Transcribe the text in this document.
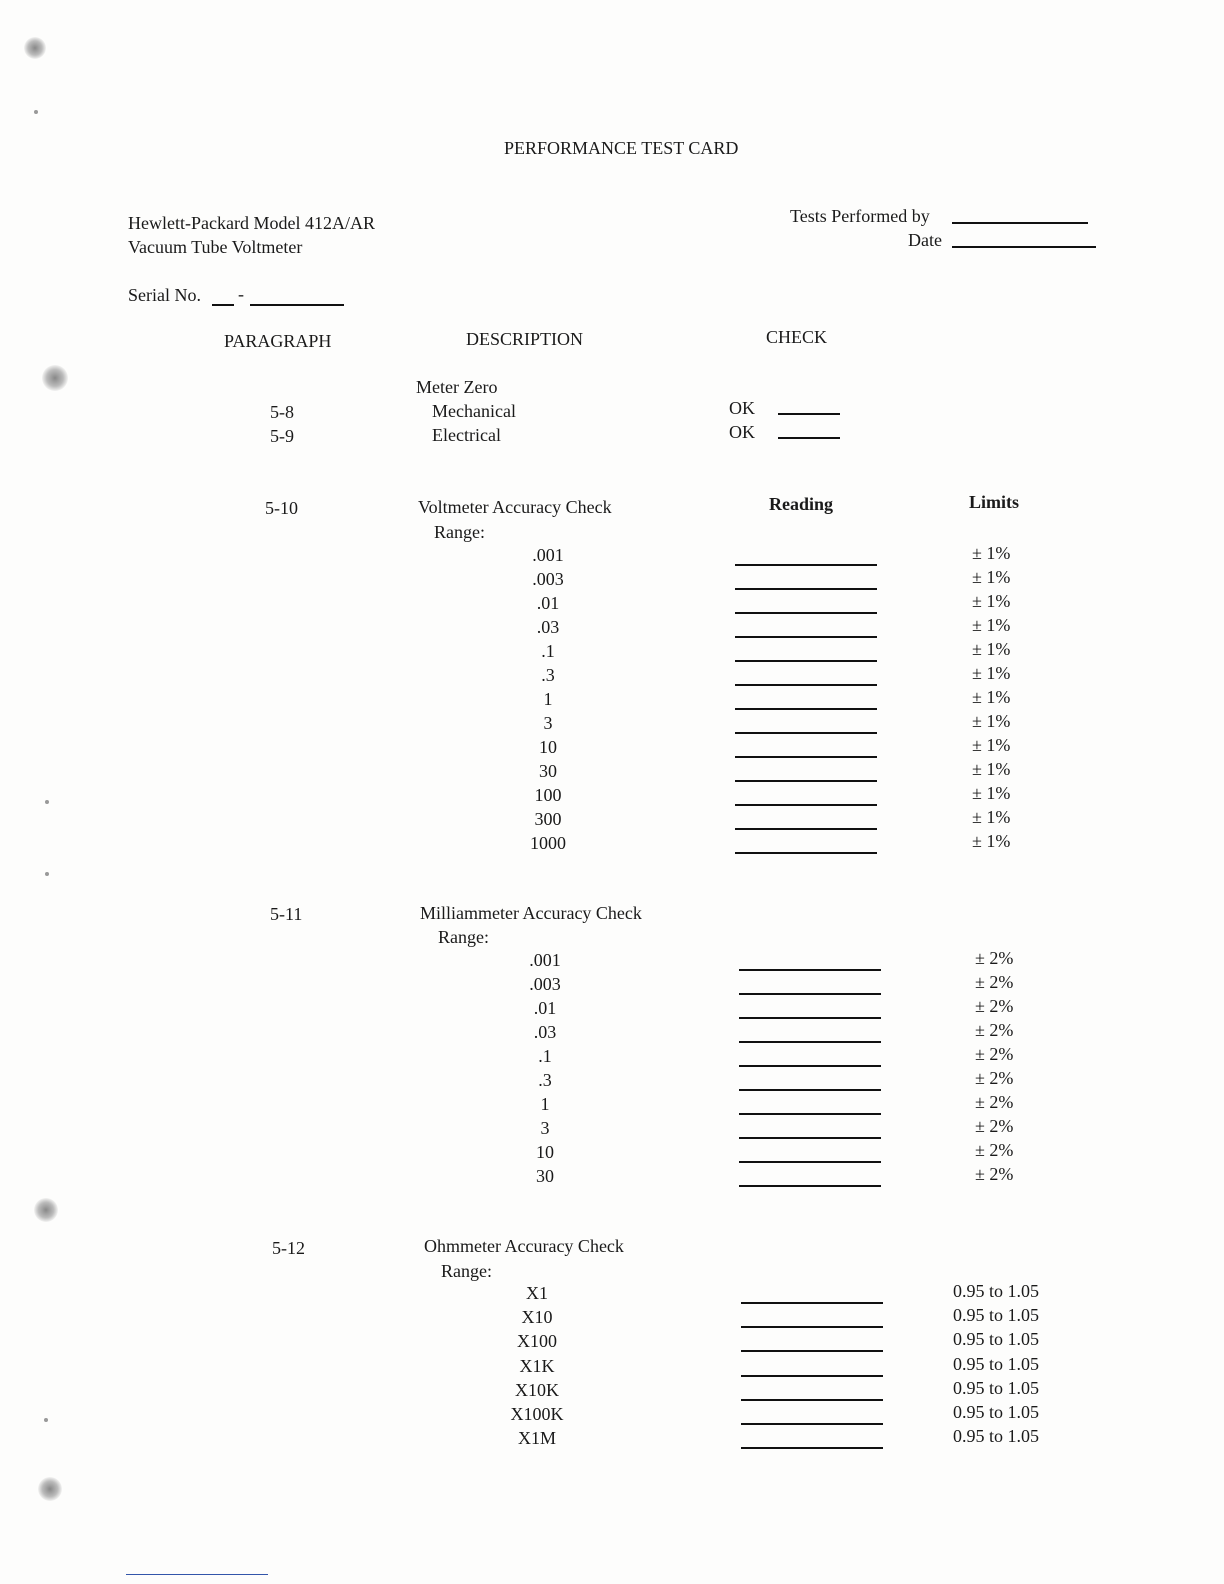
PERFORMANCE TEST CARD
Hewlett-Packard Model 412A/AR
Vacuum Tube Voltmeter
Tests Performed by
Date
Serial No. -
PARAGRAPH	DESCRIPTION	CHECK
Meter Zero
5-8	Mechanical	OK
5-9	Electrical	OK
5-10	Voltmeter Accuracy Check
Range:
Reading	Limits
.001	± 1%
.003	± 1%
.01	± 1%
.03	± 1%
.1	± 1%
.3	± 1%
1	± 1%
3	± 1%
10	± 1%
30	± 1%
100	± 1%
300	± 1%
1000	± 1%
5-11	Milliammeter Accuracy Check
Range:
.001	± 2%
.003	± 2%
.01	± 2%
.03	± 2%
.1	± 2%
.3	± 2%
1	± 2%
3	± 2%
10	± 2%
30	± 2%
5-12	Ohmmeter Accuracy Check
Range:
X1	0.95 to 1.05
X10	0.95 to 1.05
X100	0.95 to 1.05
X1K	0.95 to 1.05
X10K	0.95 to 1.05
X100K	0.95 to 1.05
X1M	0.95 to 1.05
